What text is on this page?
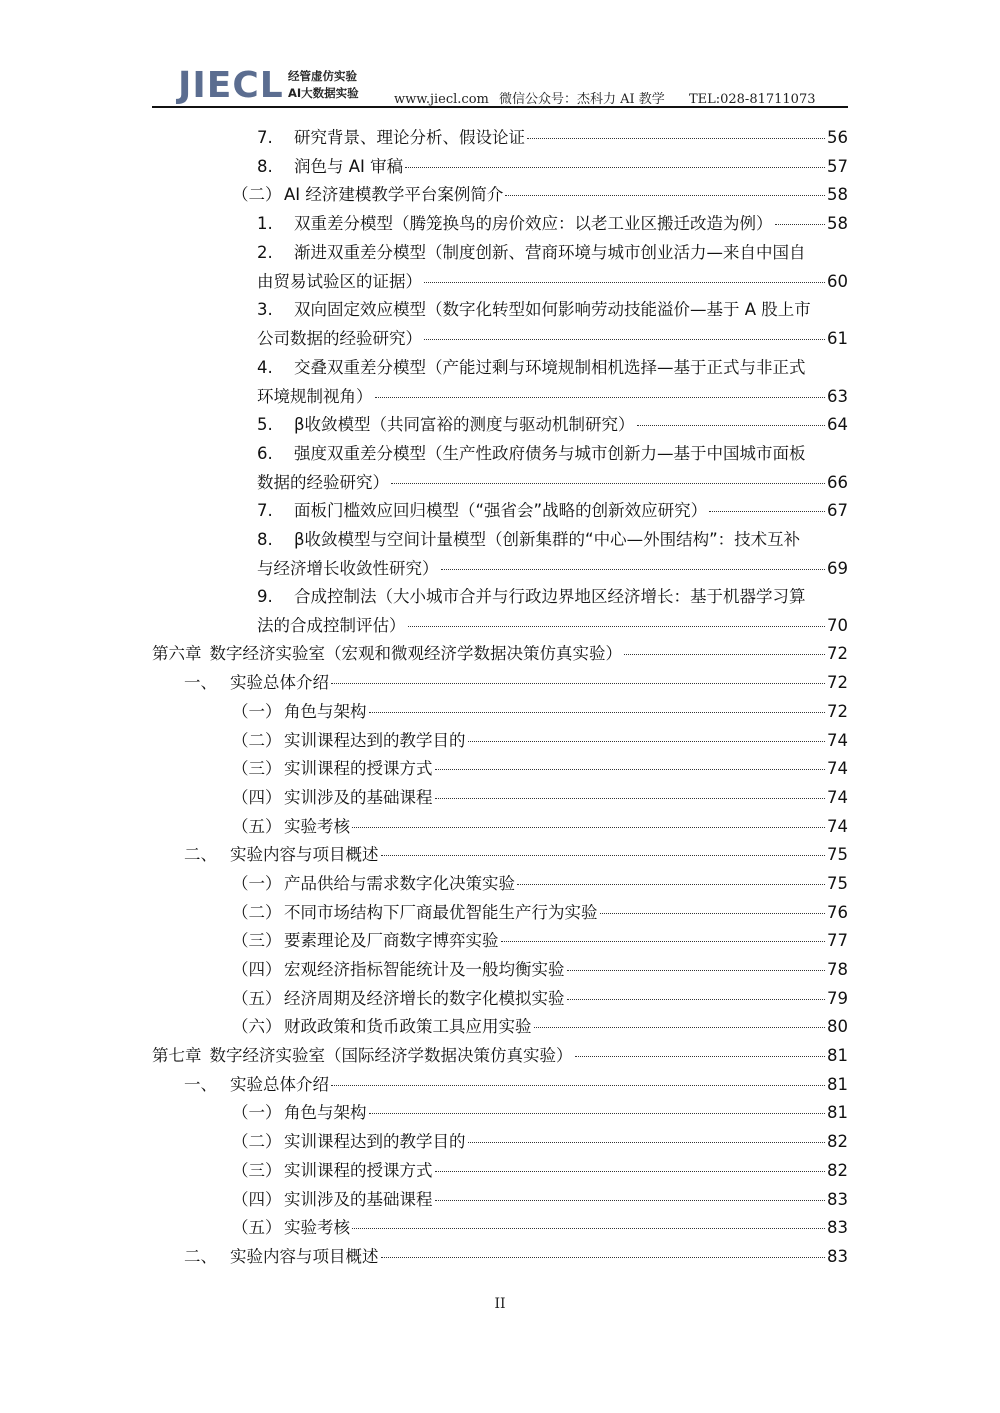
JIECL 经管虚仿实验
AI大数据实验	www.jiecl.com 微信公众号：杰科力 AI 教学 TEL:028-81711073
7.	研究背景、理论分析、假设论证	56
8.	润色与 AI 审稿	57
（二） AI 经济建模教学平台案例简介	58
1.	双重差分模型（腾笼换鸟的房价效应：以老工业区搬迁改造为例）	58
2. 渐进双重差分模型（制度创新、营商环境与城市创业活力—来自中国自
由贸易试验区的证据）	60
3. 双向固定效应模型（数字化转型如何影响劳动技能溢价—基于 A 股上市
公司数据的经验研究）	61
4. 交叠双重差分模型（产能过剩与环境规制相机选择—基于正式与非正式
环境规制视角）	63
5.	β收敛模型（共同富裕的测度与驱动机制研究）	64
6. 强度双重差分模型（生产性政府债务与城市创新力—基于中国城市面板
数据的经验研究）	66
7.	面板门槛效应回归模型（“强省会”战略的创新效应研究）	67
8. β收敛模型与空间计量模型（创新集群的“中心—外围结构”：技术互补
与经济增长收敛性研究）	69
9. 合成控制法（大小城市合并与行政边界地区经济增长：基于机器学习算
法的合成控制评估）	70
第六章 数字经济实验室（宏观和微观经济学数据决策仿真实验）	72
一、 实验总体介绍	72
（一） 角色与架构	72
（二） 实训课程达到的教学目的	74
（三） 实训课程的授课方式	74
（四） 实训涉及的基础课程	74
（五） 实验考核	74
二、 实验内容与项目概述	75
（一） 产品供给与需求数字化决策实验	75
（二） 不同市场结构下厂商最优智能生产行为实验	76
（三） 要素理论及厂商数字博弈实验	77
（四） 宏观经济指标智能统计及一般均衡实验	78
（五） 经济周期及经济增长的数字化模拟实验	79
（六） 财政政策和货币政策工具应用实验	80
第七章 数字经济实验室（国际经济学数据决策仿真实验）	81
一、 实验总体介绍	81
（一） 角色与架构	81
（二） 实训课程达到的教学目的	82
（三） 实训课程的授课方式	82
（四） 实训涉及的基础课程	83
（五） 实验考核	83
二、 实验内容与项目概述	83
II
